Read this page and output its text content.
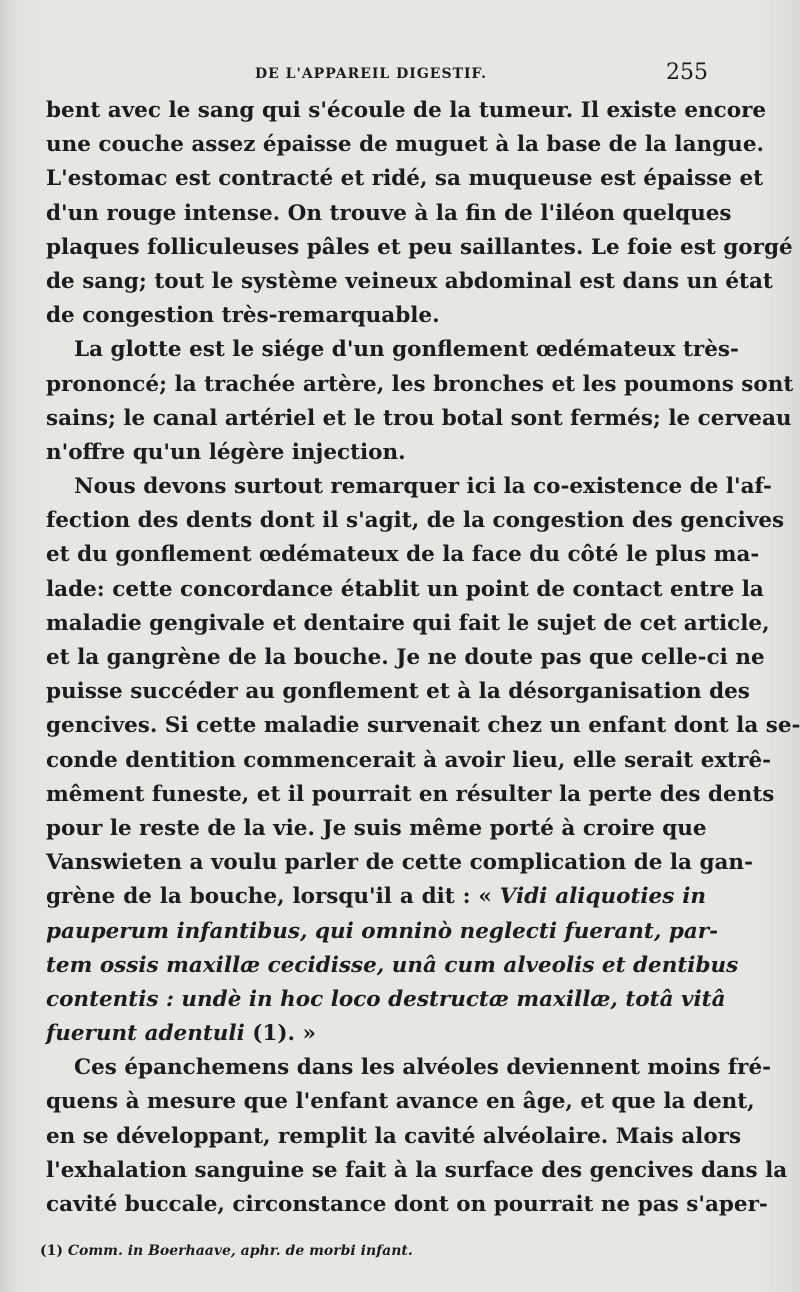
DE L'APPAREIL DIGESTIF.	255
bent avec le sang qui s'écoule de la tumeur. Il existe encore
une couche assez épaisse de muguet à la base de la langue.
L'estomac est contracté et ridé, sa muqueuse est épaisse et
d'un rouge intense. On trouve à la fin de l'iléon quelques
plaques folliculeuses pâles et peu saillantes. Le foie est gorgé
de sang; tout le système veineux abdominal est dans un état
de congestion très-remarquable.
La glotte est le siége d'un gonflement œdémateux très-
prononcé; la trachée artère, les bronches et les poumons sont
sains; le canal artériel et le trou botal sont fermés; le cerveau
n'offre qu'un légère injection.
Nous devons surtout remarquer ici la co-existence de l'af-
fection des dents dont il s'agit, de la congestion des gencives
et du gonflement œdémateux de la face du côté le plus ma-
lade: cette concordance établit un point de contact entre la
maladie gengivale et dentaire qui fait le sujet de cet article,
et la gangrène de la bouche. Je ne doute pas que celle-ci ne
puisse succéder au gonflement et à la désorganisation des
gencives. Si cette maladie survenait chez un enfant dont la se-
conde dentition commencerait à avoir lieu, elle serait extrê-
mêment funeste, et il pourrait en résulter la perte des dents
pour le reste de la vie. Je suis même porté à croire que
Vanswieten a voulu parler de cette complication de la gan-
grène de la bouche, lorsqu'il a dit : « Vidi aliquoties in
pauperum infantibus, qui omninò neglecti fuerant, par-
tem ossis maxillæ cecidisse, unâ cum alveolis et dentibus
contentis : undè in hoc loco destructæ maxillæ, totâ vitâ
fuerunt adentuli (1). »
Ces épanchemens dans les alvéoles deviennent moins fré-
quens à mesure que l'enfant avance en âge, et que la dent,
en se développant, remplit la cavité alvéolaire. Mais alors
l'exhalation sanguine se fait à la surface des gencives dans la
cavité buccale, circonstance dont on pourrait ne pas s'aper-
(1) Comm. in Boerhaave, aphr. de morbi infant.
